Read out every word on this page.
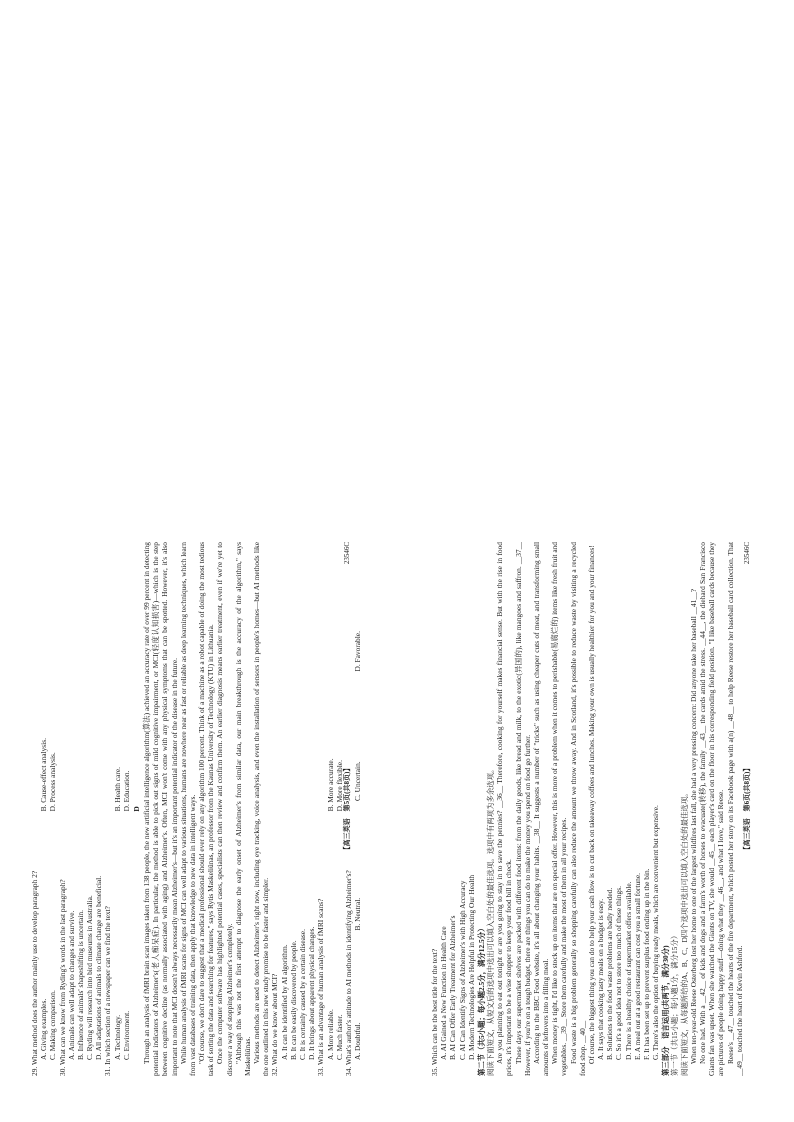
29. What method does the author mainly use to develop paragraph 2? A. Giving examples.
B. Cause-effect analysis.
C. Making comparison.
D. Process analysis.

30. What can we know from Ryding's words in the last paragraph? A. Animals can well adapt to changes and survive. B. Influence of animals' shapeshifting is uncertain. C. Ryding will research into bird museums in Australia. D. All adaptations of animals to climate change are beneficial. 31. In which section of a newspaper can we find the text? A. Technology.
B. Health care.
C. Environment.
D. Education. D Through an analysis of fMRI brain scan images taken from 138 people, the new artificial intelligence algorithm(算法) achieved an accuracy rate of over 99 percent in detecting potential indicators of Alzheimer's(老人痴呆症). In particular, the method is able to pick out signs of mild cognitive impairment, or MCI(轻度认知损害)—which is the step between cognitive decline (as normally associated with aging) and Alzheimer's. Often, MCI won't come with any physical symptoms that can be spotted. However, it's also important to note that MCI doesn't always necessarily mean Alzheimer's—but it's an important potential indicator of the disease in the future. While human analysis of fMRI scans for signs of MCI can well adapt to various situations, humans are nowhere near as fast or reliable as deep learning techniques, which learn from vast databases of training data, then apply that knowledge to new data in intelligent ways. "Of course, we don't dare to suggest that a medical professional should ever rely on any algorithm 100 percent. Think of a machine as a robot capable of doing the most tedious task of sorting the data and searching for features," says Rytis Maskeliūnas, an professor from the Kaunas University of Technology (KTU) in Lithuania. Once the computer software has highlighted potential cases, specialists can then review and confirm them. An earlier diagnosis means earlier treatment, even if we're yet to discover a way of stopping Alzheimer's completely. "Although this was not the first attempt to diagnose the early onset of Alzheimer's from similar data, our main breakthrough is the accuracy of the algorithm," says Maskeliūnas. Various methods are used to detect Alzheimer's right now, including eye tracking, voice analysis, and even the installation of sensors in people's homes—but AI methods like the one outlined in this new study promise to be faster and simpler. 32. What do we know about MCI? A. It can be identified by AI algorithm. B. It can be easily discovered by people. C. It is certainly caused by a certain disease. D. It brings about apparent physical changes. 33. What is an advantage of human analysis of fMRI scans? A. More reliable.
B. More accurate.
C. Much faster.
D. More flexible.

34. What's author's attitude to AI methods in identifying Alzheimer's? A. Doubtful.
B. Neutral.
C. Uncertain.
D. Favorable.
【高三英语　第5页(共8页)】
23546C

35. Which can be the best title for the text? A. AI Gained a New Function in Health Care B. AI Can Offer Early Treatment for Alzheimer's C. AI Can Identify Signs of Alzheimer's with High Accuracy D. Modern Technologies Are Helpful in Protecting Our Health 第二节（共5小题；每小题2.5分，满分12.5分） 阅读下面短文，从短文后的选项中选出可以填入空白处的最佳选项。选项中有两项为多余选项。 Are you planning to eat out tonight or are you going to stay in to save the pennies? __36__ Therefore, cooking for yourself makes financial sense. But with the rise in food prices, it's important to be a wise shopper to keep your food bill in check. These days our supermarket shelves are packed with different food items: from the daily goods, like bread and milk, to the exotic(异国的), like mangoes and saffron. __37__ However, if you're on a tough budget, there are things you can do to make the money you spend on food go further. According to the BBC Food website, it's all about changing your habits. __38__ It suggests a number of "tricks" such as using cheaper cuts of meat, and transforming small amounts of leftovers into a filling meal. When money is tight, I'd like to stock up on items that are on special offer. However, this is more of a problem when it comes to perishable(易腐烂的) items like fresh fruit and vegetables. __39__ Store them carefully and make the most of them in all your recipes. Food waste is a big problem generally so shopping carefully can also reduce the amount we throw away. And in Scotland, it's possible to reduce waste by visiting a recycled food shop. __40__ Of course, the biggest thing you can do to help your cash flow is to cut back on takeaway coffees and lunches. Making your own is usually healthier for you and your finances! A. It says that cooking tasty meals on a budget is easy. B. Solutions to the food waste problems are badly needed. C. So it's a good idea not to store too much of these things. D. There is a healthy choice of supermarket offers available. E. A meal out at a good restaurant can cost you a small fortune. F. It has been set up to prevent surplus food ending up in the bin. G. There's also the option of buying ready meals, which are convenient but expensive. 第三部分　语言运用(共两节，满分30分) 第一节（共15小题；每小题1分，满分15分） 阅读下面短文，从每题所给的A、B、C、D四个选项中选出可以填入空白处的最佳选项。 When ten-year-old Reese Osterberg lost her home to one of the largest wildfires last fall, she had a very pressing concern: Did anyone take her baseball __41__? No one had. With a __42__ of kids and dogs and a farm's worth of horses to evacuate(转移), the family __43__ the cards amid the stress. __44__, the diehard San Francisco Giants fan was upset. When she watched the Giants on TV, she would __45__ each player's card on the floor in his corresponding field position. "I like baseball cards because they are pictures of people doing happy stuff—doing what they __46__, and what I love," said Reese. Reese's __47__ touched the hearts of the fire department, which posted her story on its Facebook page with a(n) __48__ to help Reese restore her baseball card collection. That __49__ touched the heart of Kevin Ashford.

【高三英语　第6页(共8页)】
23546C
